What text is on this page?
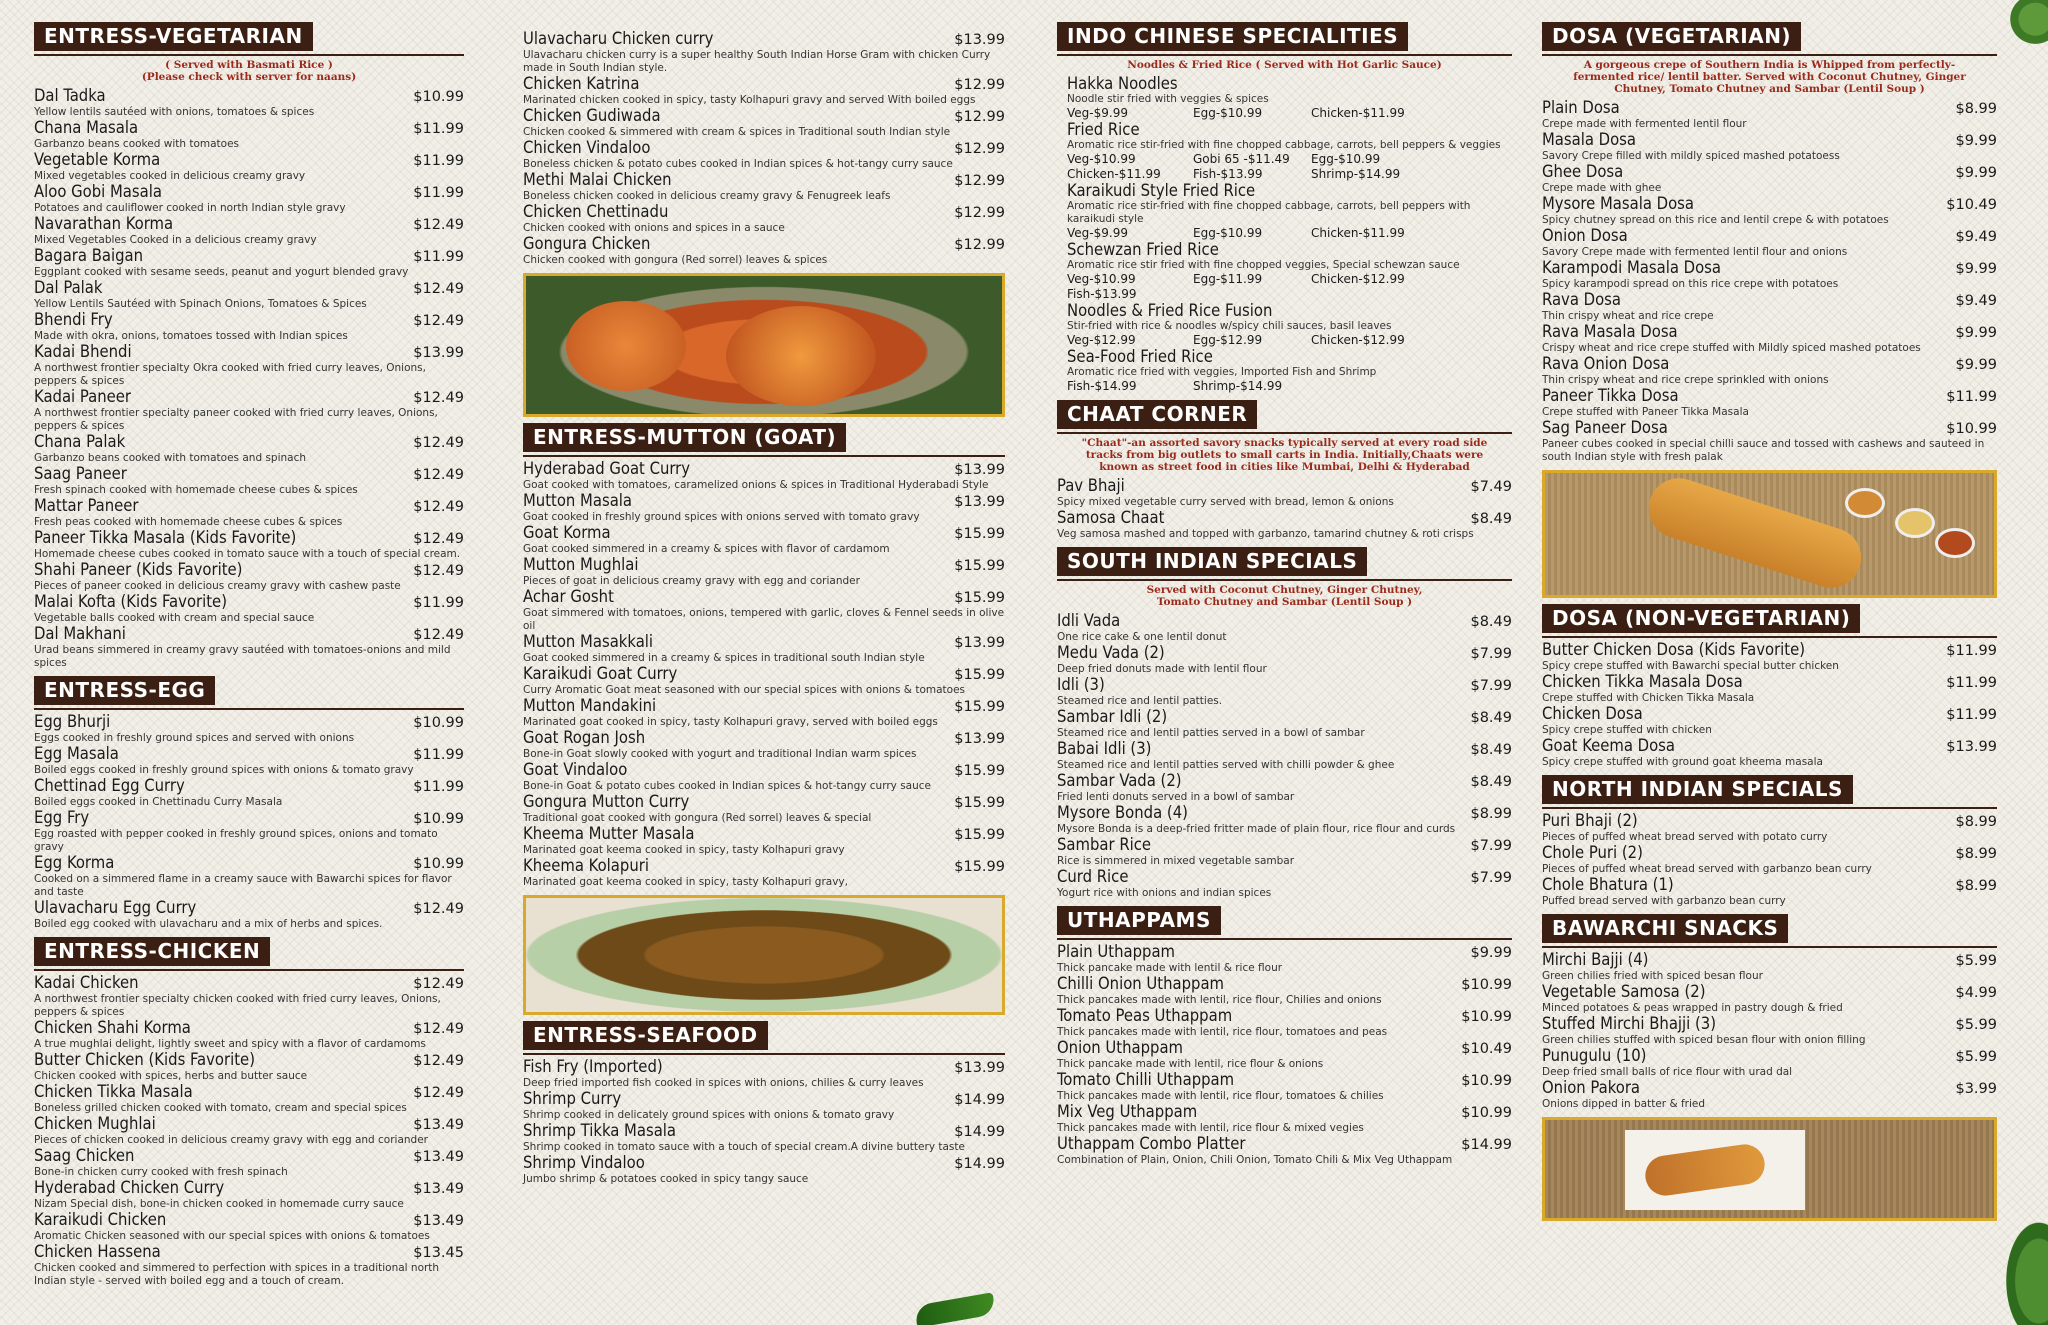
ENTRESS-VEGETARIAN
( Served with Basmati Rice )
(Please check with server for naans)
Dal Tadka	$10.99
Yellow lentils sautéed with onions, tomatoes & spices
Chana Masala	$11.99
Garbanzo beans cooked with tomatoes
Vegetable Korma	$11.99
Mixed vegetables cooked in delicious creamy gravy
Aloo Gobi Masala	$11.99
Potatoes and cauliflower cooked in north Indian style gravy
Navarathan Korma	$12.49
Mixed Vegetables Cooked in a delicious creamy gravy
Bagara Baigan	$11.99
Eggplant cooked with sesame seeds, peanut and yogurt blended gravy
Dal Palak	$12.49
Yellow Lentils Sautéed with Spinach Onions, Tomatoes & Spices
Bhendi Fry	$12.49
Made with okra, onions, tomatoes tossed with Indian spices
Kadai Bhendi	$13.99
A northwest frontier specialty Okra cooked with fried curry leaves, Onions, peppers & spices
Kadai Paneer	$12.49
A northwest frontier specialty paneer cooked with fried curry leaves, Onions, peppers & spices
Chana Palak	$12.49
Garbanzo beans cooked with tomatoes and spinach
Saag Paneer	$12.49
Fresh spinach cooked with homemade cheese cubes & spices
Mattar Paneer	$12.49
Fresh peas cooked with homemade cheese cubes & spices
Paneer Tikka Masala (Kids Favorite)	$12.49
Homemade cheese cubes cooked in tomato sauce with a touch of special cream.
Shahi Paneer (Kids Favorite)	$12.49
Pieces of paneer cooked in delicious creamy gravy with cashew paste
Malai Kofta (Kids Favorite)	$11.99
Vegetable balls cooked with cream and special sauce
Dal Makhani	$12.49
Urad beans simmered in creamy gravy sautéed with tomatoes-onions and mild spices
ENTRESS-EGG
Egg Bhurji	$10.99
Eggs cooked in freshly ground spices and served with onions
Egg Masala	$11.99
Boiled eggs cooked in freshly ground spices with onions & tomato gravy
Chettinad Egg Curry	$11.99
Boiled eggs cooked in Chettinadu Curry Masala
Egg Fry	$10.99
Egg roasted with pepper cooked in freshly ground spices, onions and tomato gravy
Egg Korma	$10.99
Cooked on a simmered flame in a creamy sauce with Bawarchi spices for flavor and taste
Ulavacharu Egg Curry	$12.49
Boiled egg cooked with ulavacharu and a mix of herbs and spices.
ENTRESS-CHICKEN
Kadai Chicken	$12.49
A northwest frontier specialty chicken cooked with fried curry leaves, Onions, peppers & spices
Chicken Shahi Korma	$12.49
A true mughlai delight, lightly sweet and spicy with a flavor of cardamoms
Butter Chicken (Kids Favorite)	$12.49
Chicken cooked with spices, herbs and butter sauce
Chicken Tikka Masala	$12.49
Boneless grilled chicken cooked with tomato, cream and special spices
Chicken Mughlai	$13.49
Pieces of chicken cooked in delicious creamy gravy with egg and coriander
Saag Chicken	$13.49
Bone-in chicken curry cooked with fresh spinach
Hyderabad Chicken Curry	$13.49
Nizam Special dish, bone-in chicken cooked in homemade curry sauce
Karaikudi Chicken	$13.49
Aromatic Chicken seasoned with our special spices with onions & tomatoes
Chicken Hassena	$13.45
Chicken cooked and simmered to perfection with spices in a traditional north Indian style - served with boiled egg and a touch of cream.
Ulavacharu Chicken curry	$13.99
Ulavacharu chicken curry is a super healthy South Indian Horse Gram with chicken Curry made in South Indian style.
Chicken Katrina	$12.99
Marinated chicken cooked in spicy, tasty Kolhapuri gravy and served With boiled eggs
Chicken Gudiwada	$12.99
Chicken cooked & simmered with cream & spices in Traditional south Indian style
Chicken Vindaloo	$12.99
Boneless chicken & potato cubes cooked in Indian spices & hot-tangy curry sauce
Methi Malai Chicken	$12.99
Boneless chicken cooked in delicious creamy gravy & Fenugreek leafs
Chicken Chettinadu	$12.99
Chicken cooked with onions and spices in a sauce
Gongura Chicken	$12.99
Chicken cooked with gongura (Red sorrel) leaves & spices
ENTRESS-MUTTON (GOAT)
Hyderabad Goat Curry	$13.99
Goat cooked with tomatoes, caramelized onions & spices in Traditional Hyderabadi Style
Mutton Masala	$13.99
Goat cooked in freshly ground spices with onions served with tomato gravy
Goat Korma	$15.99
Goat cooked simmered in a creamy & spices with flavor of cardamom
Mutton Mughlai	$15.99
Pieces of goat in delicious creamy gravy with egg and coriander
Achar Gosht	$15.99
Goat simmered with tomatoes, onions, tempered with garlic, cloves & Fennel seeds in olive oil
Mutton Masakkali	$13.99
Goat cooked simmered in a creamy & spices in traditional south Indian style
Karaikudi Goat Curry	$15.99
Curry Aromatic Goat meat seasoned with our special spices with onions & tomatoes
Mutton Mandakini	$15.99
Marinated goat cooked in spicy, tasty Kolhapuri gravy, served with boiled eggs
Goat Rogan Josh	$13.99
Bone-in Goat slowly cooked with yogurt and traditional Indian warm spices
Goat Vindaloo	$15.99
Bone-in Goat & potato cubes cooked in Indian spices & hot-tangy curry sauce
Gongura Mutton Curry	$15.99
Traditional goat cooked with gongura (Red sorrel) leaves & special
Kheema Mutter Masala	$15.99
Marinated goat keema cooked in spicy, tasty Kolhapuri gravy
Kheema Kolapuri	$15.99
Marinated goat keema cooked in spicy, tasty Kolhapuri gravy,
ENTRESS-SEAFOOD
Fish Fry (Imported)	$13.99
Deep fried imported fish cooked in spices with onions, chilies & curry leaves
Shrimp Curry	$14.99
Shrimp cooked in delicately ground spices with onions & tomato gravy
Shrimp Tikka Masala	$14.99
Shrimp cooked in tomato sauce with a touch of special cream.A divine buttery taste
Shrimp Vindaloo	$14.99
Jumbo shrimp & potatoes cooked in spicy tangy sauce
INDO CHINESE SPECIALITIES
Noodles & Fried Rice ( Served with Hot Garlic Sauce)
Hakka Noodles
Noodle stir fried with veggies & spices
Veg-$9.99	Egg-$10.99	Chicken-$11.99
Fried Rice
Aromatic rice stir-fried with fine chopped cabbage, carrots, bell peppers & veggies
Veg-$10.99	Gobi 65 -$11.49	Egg-$10.99
Chicken-$11.99	Fish-$13.99	Shrimp-$14.99
Karaikudi Style Fried Rice
Aromatic rice stir-fried with fine chopped cabbage, carrots, bell peppers with karaikudi style
Veg-$9.99	Egg-$10.99	Chicken-$11.99
Schewzan Fried Rice
Aromatic rice stir fried with fine chopped veggies, Special schewzan sauce
Veg-$10.99	Egg-$11.99	Chicken-$12.99
Fish-$13.99
Noodles & Fried Rice Fusion
Stir-fried with rice & noodles w/spicy chili sauces, basil leaves
Veg-$12.99	Egg-$12.99	Chicken-$12.99
Sea-Food Fried Rice
Aromatic rice fried with veggies, Imported Fish and Shrimp
Fish-$14.99	Shrimp-$14.99
CHAAT CORNER
"Chaat"-an assorted savory snacks typically served at every road side tracks from big outlets to small carts in India. Initially,Chaats were known as street food in cities like Mumbai, Delhi & Hyderabad
Pav Bhaji	$7.49
Spicy mixed vegetable curry served with bread, lemon & onions
Samosa Chaat	$8.49
Veg samosa mashed and topped with garbanzo, tamarind chutney & roti crisps
SOUTH INDIAN SPECIALS
Served with Coconut Chutney, Ginger Chutney, Tomato Chutney and Sambar (Lentil Soup )
Idli Vada	$8.49
One rice cake & one lentil donut
Medu Vada (2)	$7.99
Deep fried donuts made with lentil flour
Idli (3)	$7.99
Steamed rice and lentil patties.
Sambar Idli (2)	$8.49
Steamed rice and lentil patties served in a bowl of sambar
Babai Idli (3)	$8.49
Steamed rice and lentil patties served with chilli powder & ghee
Sambar Vada (2)	$8.49
Fried lenti donuts served in a bowl of sambar
Mysore Bonda (4)	$8.99
Mysore Bonda is a deep-fried fritter made of plain flour, rice flour and curds
Sambar Rice	$7.99
Rice is simmered in mixed vegetable sambar
Curd Rice	$7.99
Yogurt rice with onions and indian spices
UTHAPPAMS
Plain Uthappam	$9.99
Thick pancake made with lentil & rice flour
Chilli Onion Uthappam	$10.99
Thick pancakes made with lentil, rice flour, Chilies and onions
Tomato Peas Uthappam	$10.99
Thick pancakes made with lentil, rice flour, tomatoes and peas
Onion Uthappam	$10.49
Thick pancake made with lentil, rice flour & onions
Tomato Chilli Uthappam	$10.99
Thick pancakes made with lentil, rice flour, tomatoes & chilies
Mix Veg Uthappam	$10.99
Thick pancakes made with lentil, rice flour & mixed vegies
Uthappam Combo Platter	$14.99
Combination of Plain, Onion, Chili Onion, Tomato Chili & Mix Veg Uthappam
DOSA (VEGETARIAN)
A gorgeous crepe of Southern India is Whipped from perfectly- fermented rice/ lentil batter. Served with Coconut Chutney, Ginger Chutney, Tomato Chutney and Sambar (Lentil Soup )
Plain Dosa	$8.99
Crepe made with fermented lentil flour
Masala Dosa	$9.99
Savory Crepe filled with mildly spiced mashed potatoess
Ghee Dosa	$9.99
Crepe made with ghee
Mysore Masala Dosa	$10.49
Spicy chutney spread on this rice and lentil crepe & with potatoes
Onion Dosa	$9.49
Savory Crepe made with fermented lentil flour and onions
Karampodi Masala Dosa	$9.99
Spicy karampodi spread on this rice crepe with potatoes
Rava Dosa	$9.49
Thin crispy wheat and rice crepe
Rava Masala Dosa	$9.99
Crispy wheat and rice crepe stuffed with Mildly spiced mashed potatoes
Rava Onion Dosa	$9.99
Thin crispy wheat and rice crepe sprinkled with onions
Paneer Tikka Dosa	$11.99
Crepe stuffed with Paneer Tikka Masala
Sag Paneer Dosa	$10.99
Paneer cubes cooked in special chilli sauce and tossed with cashews and sauteed in south Indian style with fresh palak
DOSA (NON-VEGETARIAN)
Butter Chicken Dosa (Kids Favorite)	$11.99
Spicy crepe stuffed with Bawarchi special butter chicken
Chicken Tikka Masala Dosa	$11.99
Crepe stuffed with Chicken Tikka Masala
Chicken Dosa	$11.99
Spicy crepe stuffed with chicken
Goat Keema Dosa	$13.99
Spicy crepe stuffed with ground goat kheema masala
NORTH INDIAN SPECIALS
Puri Bhaji (2)	$8.99
Pieces of puffed wheat bread served with potato curry
Chole Puri (2)	$8.99
Pieces of puffed wheat bread served with garbanzo bean curry
Chole Bhatura (1)	$8.99
Puffed bread served with garbanzo bean curry
BAWARCHI SNACKS
Mirchi Bajji (4)	$5.99
Green chilies fried with spiced besan flour
Vegetable Samosa (2)	$4.99
Minced potatoes & peas wrapped in pastry dough & fried
Stuffed Mirchi Bhajji (3)	$5.99
Green chilies stuffed with spiced besan flour with onion filling
Punugulu (10)	$5.99
Deep fried small balls of rice flour with urad dal
Onion Pakora	$3.99
Onions dipped in batter & fried
